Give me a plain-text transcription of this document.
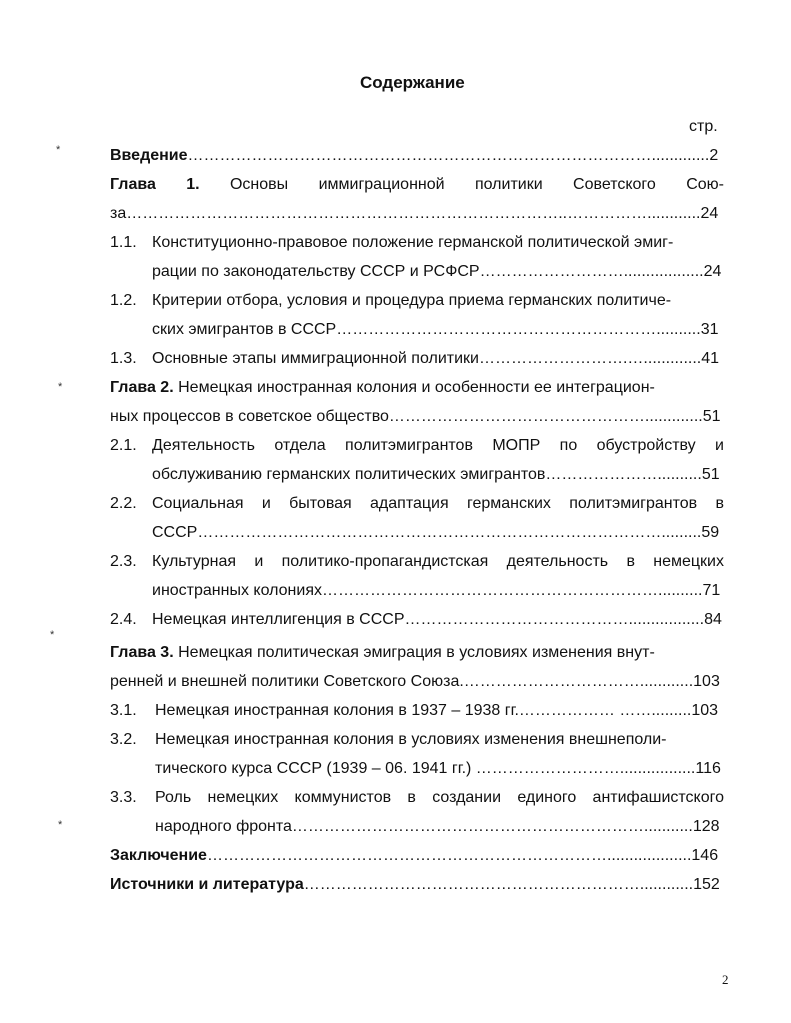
Содержание
стр.
Введение…………………………………………………………………………….............2
Глава 1. Основы иммиграционной политики Советского Сою-
за………………………………………………………………………..……………............24
1.1. Конституционно-правовое положение германской политической эмиг-
рации по законодательству СССР и РСФСР………………………..................24
1.2. Критерии отбора, условия и процедура приема германских политиче-
ских эмигрантов в СССР……………………………………………………..........31
1.3. Основные этапы иммиграционной политики……………………….….............41
Глава 2. Немецкая иностранная колония и особенности ее интеграцион-
ных процессов в советское общество………………………………………….............51
2.1. Деятельность отдела политэмигрантов МОПР по обустройству и
обслуживанию германских политических эмигрантов…………………..........51
2.2. Социальная и бытовая адаптация германских политэмигрантов в
СССР…………………………………………………………………………….........59
2.3. Культурная и политико-пропагандистская деятельность в немецких
иностранных колониях………………………………………………………..........71
2.4. Немецкая интеллигенция в СССР…………………………………….................84
Глава 3. Немецкая политическая эмиграция в условиях изменения внут-
ренней и внешней политики Советского Союза.……………………………............103
3.1. Немецкая иностранная колония в 1937 – 1938 гг.……………… …….........103
3.2. Немецкая иностранная колония в условиях изменения внешнеполи-
тического курса СССР (1939 – 06. 1941 гг.) ……………………….................116
3.3. Роль немецких коммунистов в создании единого антифашистского
народного фронта…………………………………………………………...........128
Заключение…………………………………………………………………...................146
Источники и литература………………………………………………………............152
*
*
*
*
2
